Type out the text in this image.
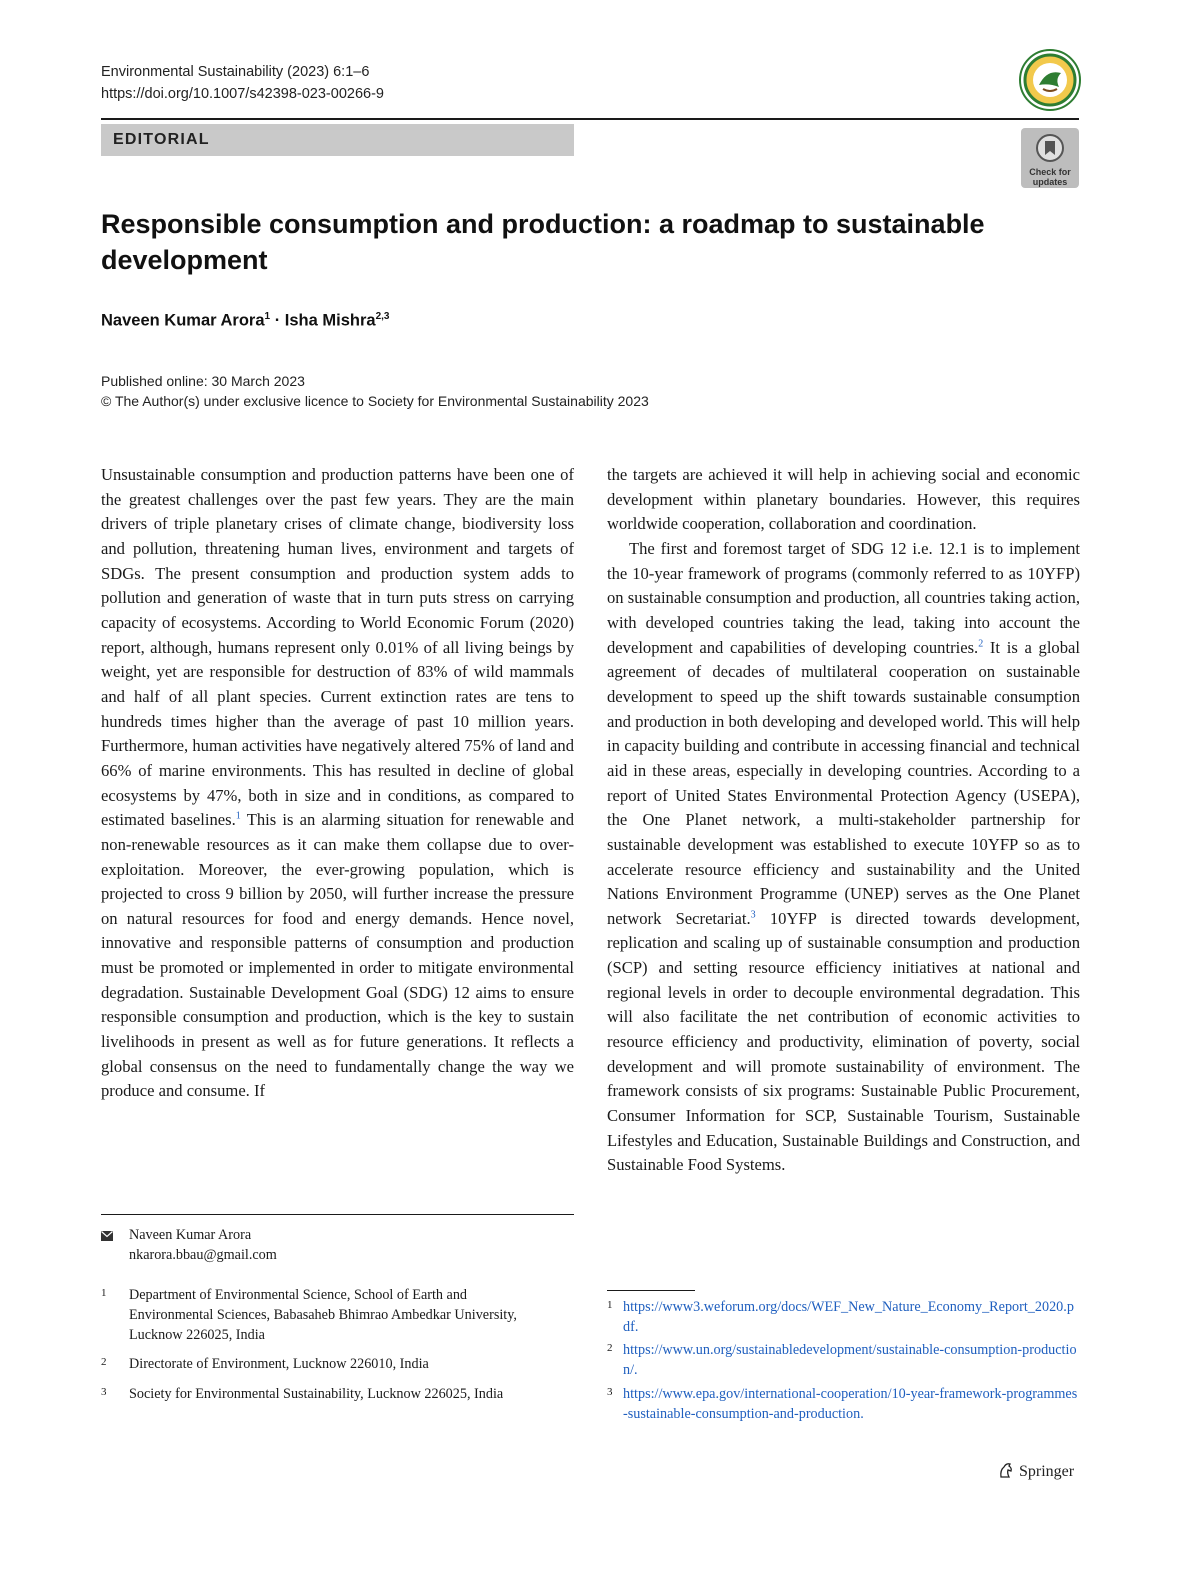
Environmental Sustainability (2023) 6:1–6
https://doi.org/10.1007/s42398-023-00266-9
EDITORIAL
Check for
updates
Responsible consumption and production: a roadmap to sustainable development
Naveen Kumar Arora$^1$ · Isha Mishra$^{2,3}$
Published online: 30 March 2023
© The Author(s) under exclusive licence to Society for Environmental Sustainability 2023

Unsustainable consumption and production patterns have been one of the greatest challenges over the past few years. They are the main drivers of triple planetary crises of climate change, biodiversity loss and pollution, threatening human lives, environment and targets of SDGs. The present consumption and production system adds to pollution and generation of waste that in turn puts stress on carrying capacity of ecosystems. According to World Economic Forum (2020) report, although, humans represent only 0.01% of all living beings by weight, yet are responsible for destruction of 83% of wild mammals and half of all plant species. Current extinction rates are tens to hundreds times higher than the average of past 10 million years. Furthermore, human activities have negatively altered 75% of land and 66% of marine environments. This has resulted in decline of global ecosystems by 47%, both in size and in conditions, as compared to estimated baselines.$^1$ This is an alarming situation for renewable and non-renewable resources as it can make them collapse due to over-exploitation. Moreover, the ever-growing population, which is projected to cross 9 billion by 2050, will further increase the pressure on natural resources for food and energy demands. Hence novel, innovative and responsible patterns of consumption and production must be promoted or implemented in order to mitigate environmental degradation. Sustainable Development Goal (SDG) 12 aims to ensure responsible consumption and production, which is the key to sustain livelihoods in present as well as for future generations. It reflects a global consensus on the need to fundamentally change the way we produce and consume. If

the targets are achieved it will help in achieving social and economic development within planetary boundaries. However, this requires worldwide cooperation, collaboration and coordination.

The first and foremost target of SDG 12 i.e. 12.1 is to implement the 10-year framework of programs (commonly referred to as 10YFP) on sustainable consumption and production, all countries taking action, with developed countries taking the lead, taking into account the development and capabilities of developing countries.$^2$ It is a global agreement of decades of multilateral cooperation on sustainable development to speed up the shift towards sustainable consumption and production in both developing and developed world. This will help in capacity building and contribute in accessing financial and technical aid in these areas, especially in developing countries. According to a report of United States Environmental Protection Agency (USEPA), the One Planet network, a multi-stakeholder partnership for sustainable development was established to execute 10YFP so as to accelerate resource efficiency and sustainability and the United Nations Environment Programme (UNEP) serves as the One Planet network Secretariat.$^3$ 10YFP is directed towards development, replication and scaling up of sustainable consumption and production (SCP) and setting resource efficiency initiatives at national and regional levels in order to decouple environmental degradation. This will also facilitate the net contribution of economic activities to resource efficiency and productivity, elimination of poverty, social development and will promote sustainability of environment. The framework consists of six programs: Sustainable Public Procurement, Consumer Information for SCP, Sustainable Tourism, Sustainable Lifestyles and Education, Sustainable Buildings and Construction, and Sustainable Food Systems.

Naveen Kumar Arora
nkarora.bbau@gmail.com
1 Department of Environmental Science, School of Earth and Environmental Sciences, Babasaheb Bhimrao Ambedkar University, Lucknow 226025, India
2 Directorate of Environment, Lucknow 226010, India
3 Society for Environmental Sustainability, Lucknow 226025, India
1 https://www3.weforum.org/docs/WEF_New_Nature_Economy_Report_2020.pdf.
2 https://www.un.org/sustainabledevelopment/sustainable-consumption-production/.
3 https://www.epa.gov/international-cooperation/10-year-framework-programmes-sustainable-consumption-and-production.
Springer
